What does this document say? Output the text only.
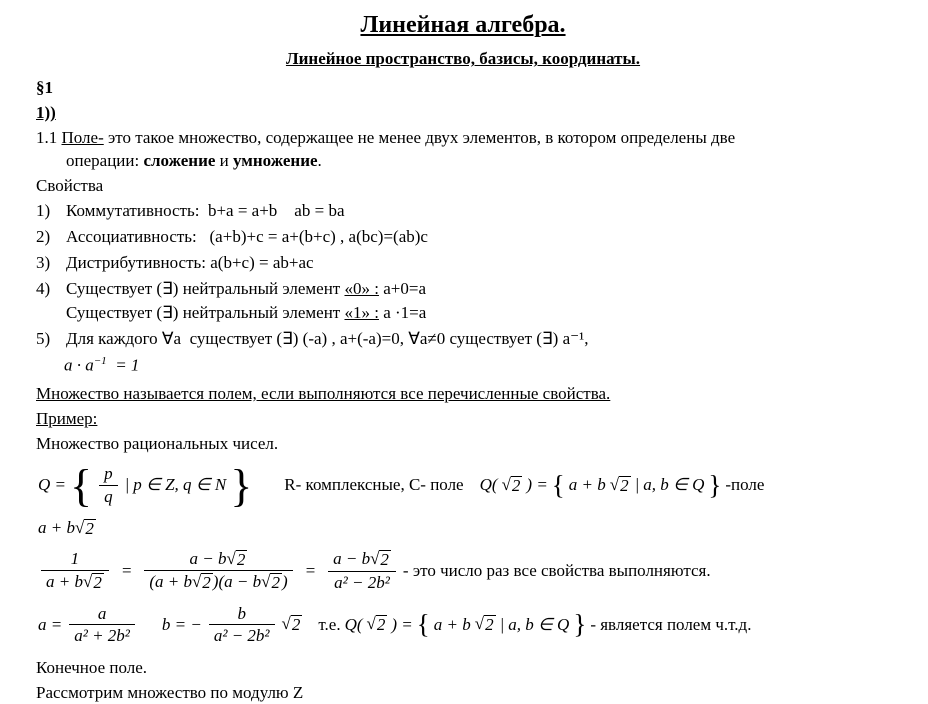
Линейная алгебра.
Линейное пространство, базисы, координаты.
§1
1))
1.1 Поле- это такое множество, содержащее не менее двух элементов, в котором определены две
операции: сложение и умножение.
Свойства
1) Коммутативность:  b+a = a+b    ab = ba
2) Ассоциативность:   (a+b)+c = a+(b+c) , a(bc)=(ab)c
3) Дистрибутивность: a(b+c) = ab+ac
4) Существует (∃) нейтральный элемент «0» : a+0=a
Существует (∃) нейтральный элемент «1» : a ·1=a
5) Для каждого ∀a  существует (∃) (-a) , a+(-a)=0, ∀a≠0 существует (∃) a⁻¹,
$a \cdot a^{-1} = 1$
Множество называется полем, если выполняются все перечисленные свойства.
Пример:
Множество рациональных чисел.
Q = { $\frac{p}{q}$ | p ∈ Z, q ∈ N } R- комплексные, C- поле Q( √ 2 ) = { a + b √ 2 | a, b ∈ Q } -поле
a + b √ 2
$\frac{1}{a + b √ 2} = \frac{a - b √ 2}{(a + b √ 2 )(a - b √ 2 )} = \frac{a - b √ 2}{\text{a² − 2b²}}$ - это число раз все свойства выполняются.
$a = \frac{a}{\text{a² + 2b²}}$ b = − $\frac{b}{\text{a² − 2b²}}$ √ 2 т.е. Q( √ 2 ) = { a + b √ 2 | a, b ∈ Q } - является полем ч.т.д.
Конечное поле.
Рассмотрим множество по модулю Z
